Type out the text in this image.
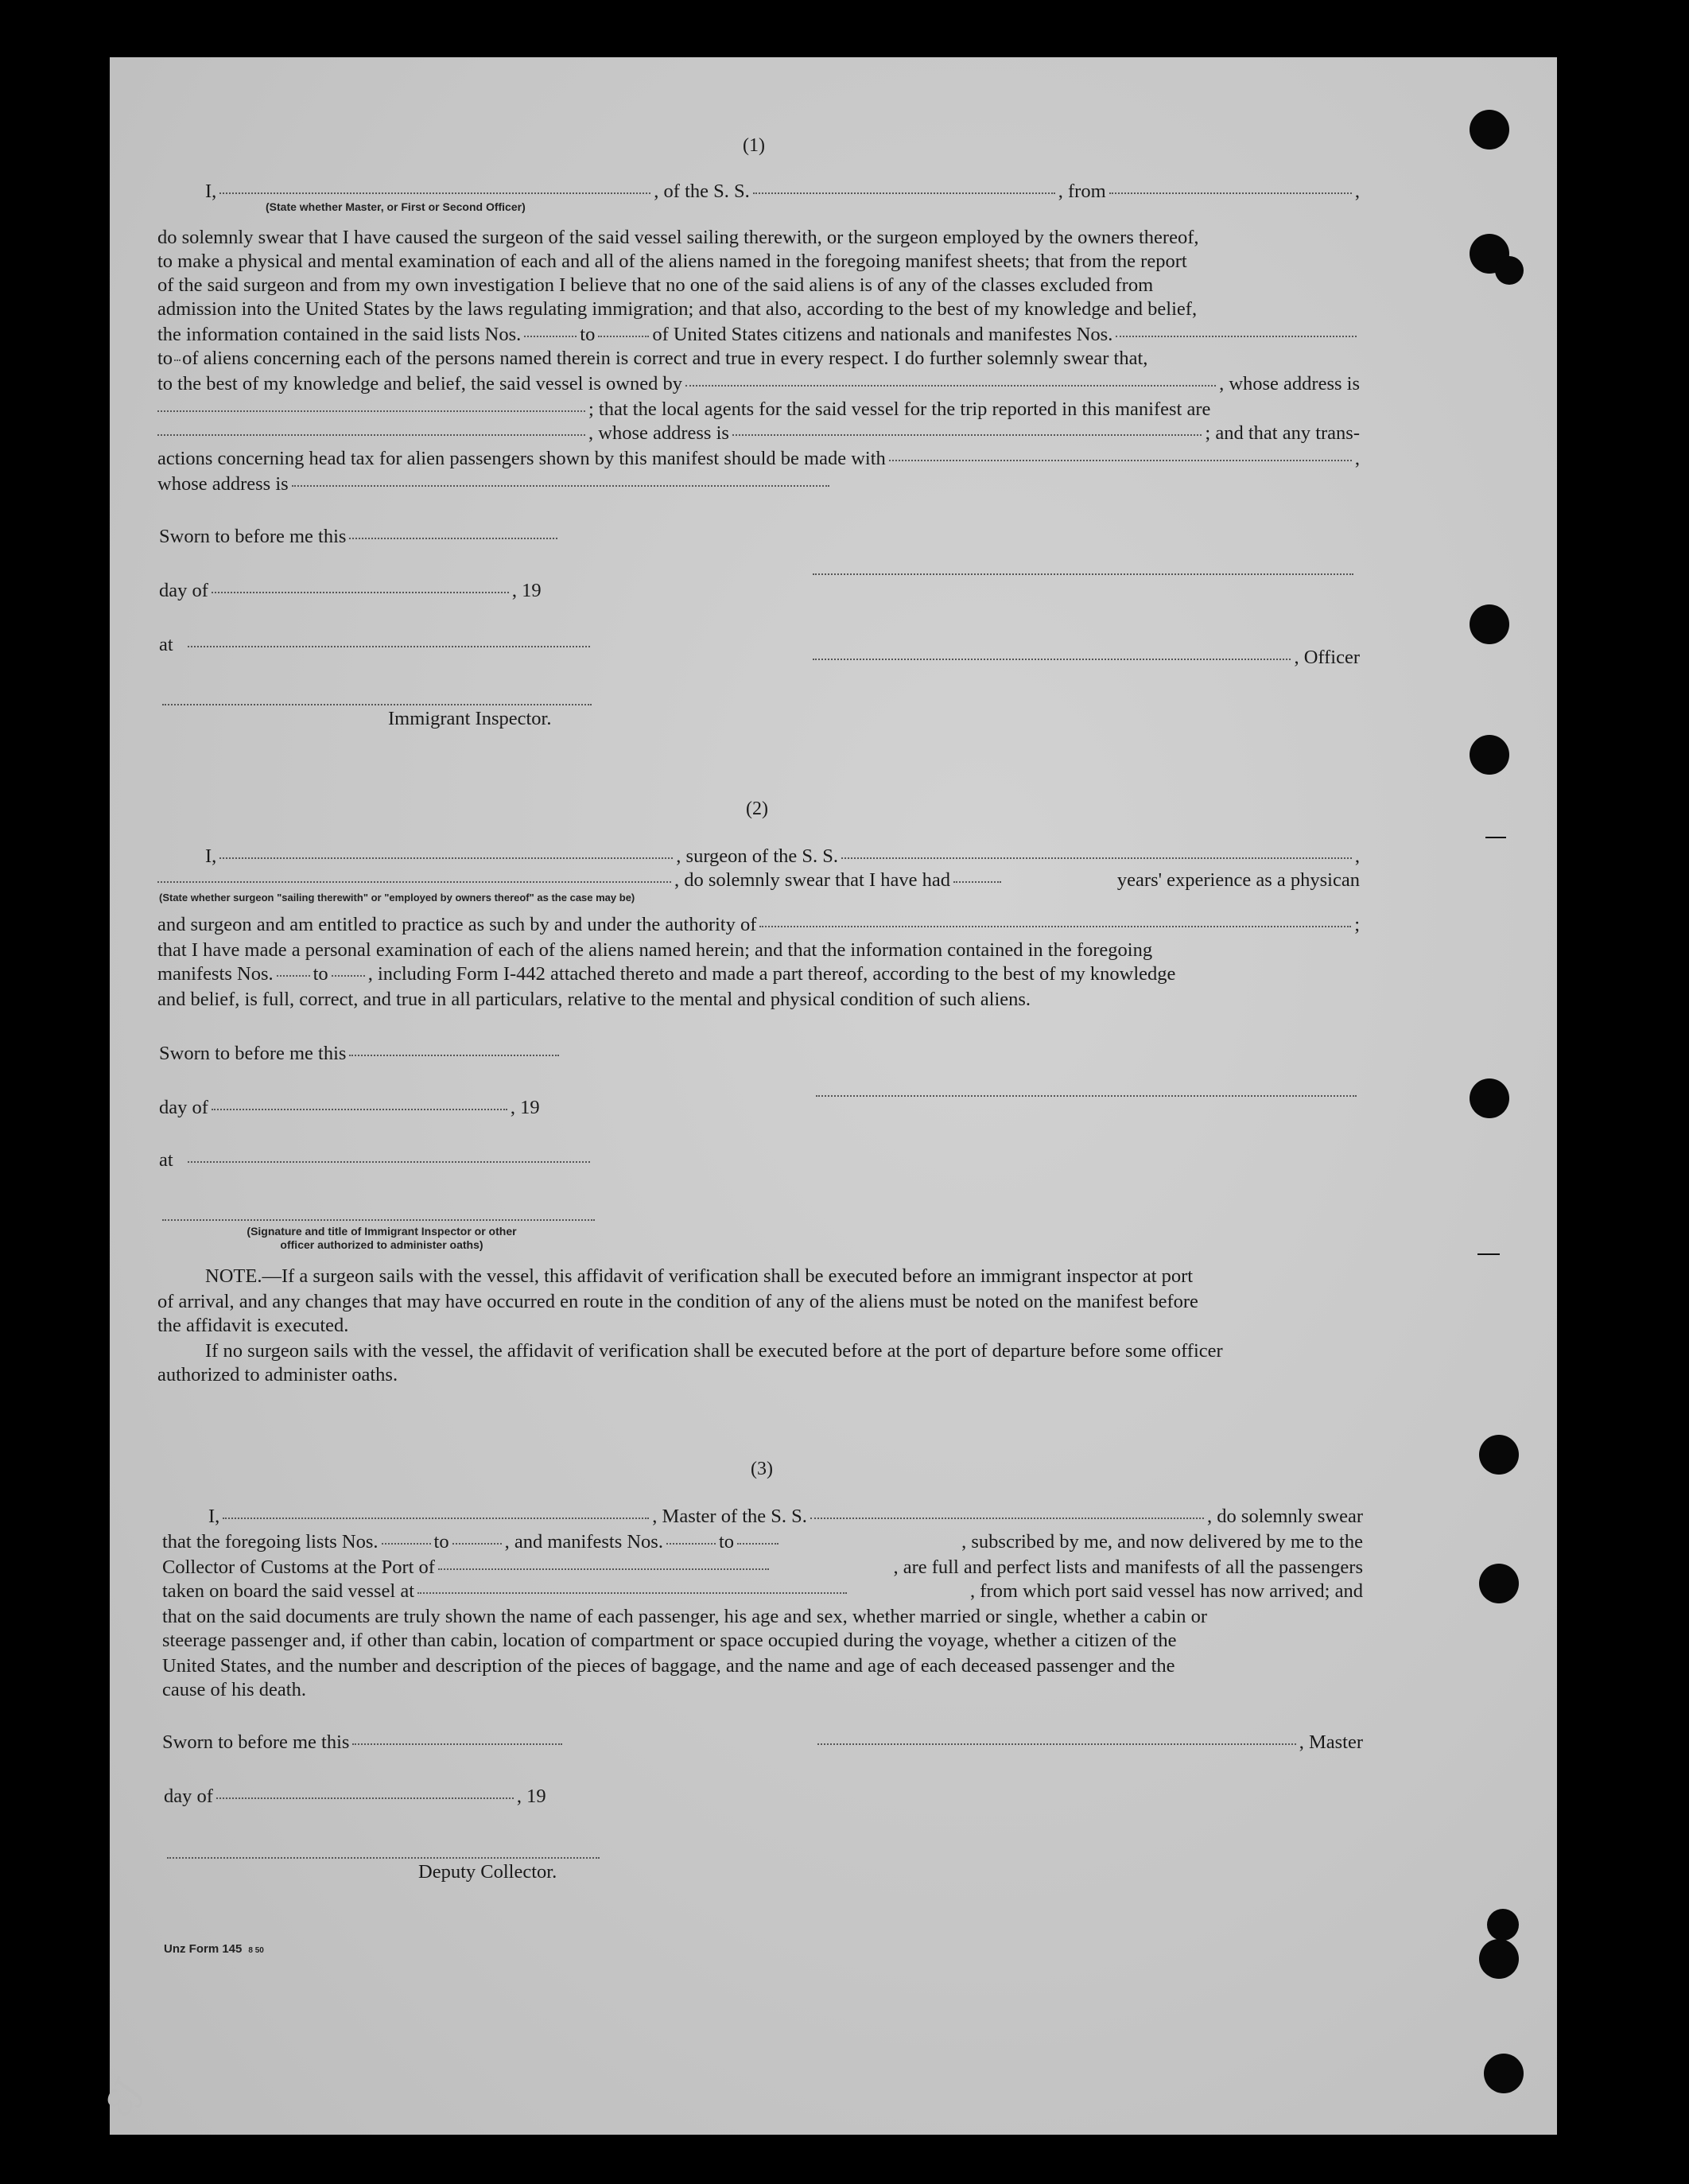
(1)
I,	, of the S. S.	, from	,
(State whether Master, or First or Second Officer)
do solemnly swear that I have caused the surgeon of the said vessel sailing therewith, or the surgeon employed by the owners thereof,
to make a physical and mental examination of each and all of the aliens named in the foregoing manifest sheets; that from the report
of the said surgeon and from my own investigation I believe that no one of the said aliens is of any of the classes excluded from
admission into the United States by the laws regulating immigration; and that also, according to the best of my knowledge and belief,
the information contained in the said lists Nos.	to	of United States citizens and nationals and manifestes Nos.
to of aliens concerning each of the persons named therein is correct and true in every respect. I do further solemnly swear that,
to the best of my knowledge and belief, the said vessel is owned by	, whose address is
; that the local agents for the said vessel for the trip reported in this manifest are
, whose address is	; and that any trans-
actions concerning head tax for alien passengers shown by this manifest should be made with	,
whose address is
Sworn to before me this
day of	, 19
at
, Officer
Immigrant Inspector.
(2)
I,	, surgeon of the S. S.	,
, do solemnly swear that I have had	years' experience as a physican
(State whether surgeon "sailing therewith" or "employed by owners thereof" as the case may be)
and surgeon and am entitled to practice as such by and under the authority of	;
that I have made a personal examination of each of the aliens named herein; and that the information contained in the foregoing
manifests Nos. to , including Form I-442 attached thereto and made a part thereof, according to the best of my knowledge
and belief, is full, correct, and true in all particulars, relative to the mental and physical condition of such aliens.
Sworn to before me this
day of	, 19
at
(Signature and title of Immigrant Inspector or other
officer authorized to administer oaths)
NOTE.—If a surgeon sails with the vessel, this affidavit of verification shall be executed before an immigrant inspector at port
of arrival, and any changes that may have occurred en route in the condition of any of the aliens must be noted on the manifest before
the affidavit is executed.
If no surgeon sails with the vessel, the affidavit of verification shall be executed before at the port of departure before some officer
authorized to administer oaths.
(3)
I,	, Master of the S. S.	, do solemnly swear
that the foregoing lists Nos.	to	, and manifests Nos.	to	, subscribed by me, and now delivered by me to the
Collector of Customs at the Port of	, are full and perfect lists and manifests of all the passengers
taken on board the said vessel at	, from which port said vessel has now arrived; and
that on the said documents are truly shown the name of each passenger, his age and sex, whether married or single, whether a cabin or
steerage passenger and, if other than cabin, location of compartment or space occupied during the voyage, whether a citizen of the
United States, and the number and description of the pieces of baggage, and the name and age of each deceased passenger and the
cause of his death.
Sworn to before me this	, Master
day of	, 19
Deputy Collector.
Unz Form 145 8 50
ƐJ
